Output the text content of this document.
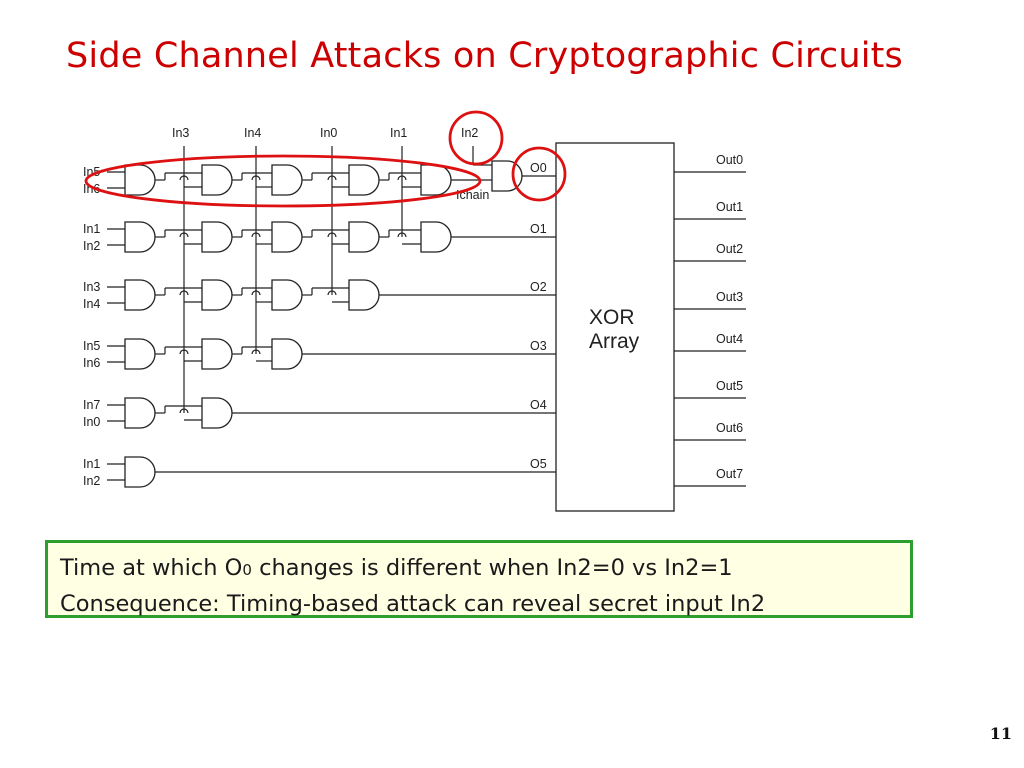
Side Channel Attacks on Cryptographic Circuits
In3	In4	In0	In1	In2
In5
In6	Ichain
O0
In1
In2
O1
In3
In4
O2
In5
In6
O3
In7
In0
O4
In1
In2
O5
Out0
Out1
Out2
Out3
Out4
Out5
Out6
Out7
XOR
Array
Time at which O0 changes is different when In2=0 vs In2=1
Consequence: Timing-based attack can reveal secret input In2
11
